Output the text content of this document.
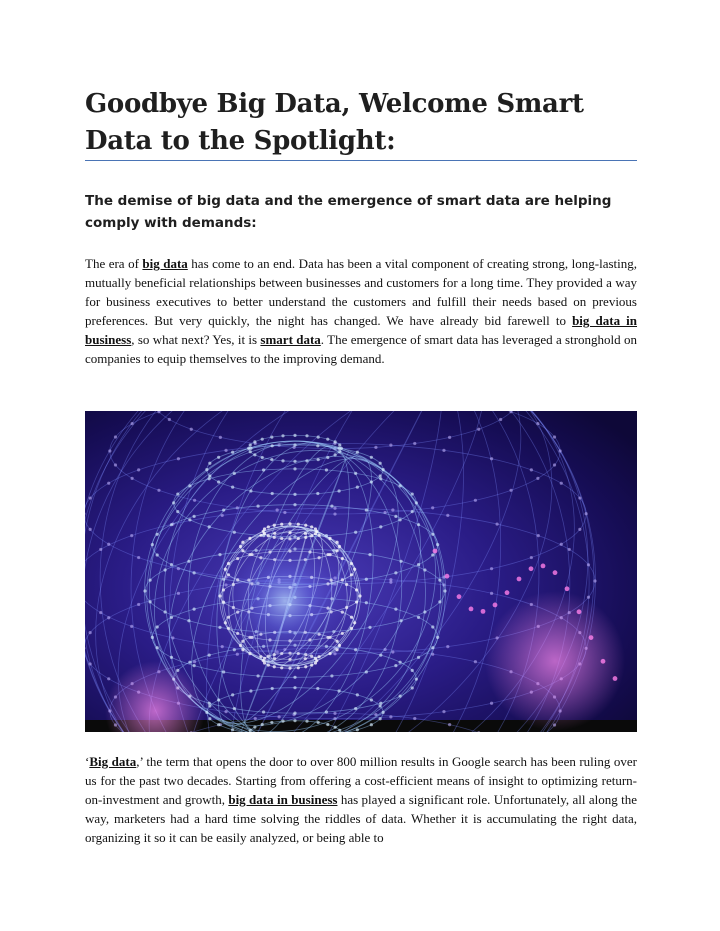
Goodbye Big Data, Welcome Smart Data to the Spotlight:
The demise of big data and the emergence of smart data are helping comply with demands:

The era of big data has come to an end. Data has been a vital component of creating strong, long-lasting, mutually beneficial relationships between businesses and customers for a long time. They provided a way for business executives to better understand the customers and fulfill their needs based on previous preferences. But very quickly, the night has changed. We have already bid farewell to big data in business, so what next? Yes, it is smart data. The emergence of smart data has leveraged a stronghold on companies to equip themselves to the improving demand.

‘Big data,’ the term that opens the door to over 800 million results in Google search has been ruling over us for the past two decades. Starting from offering a cost-efficient means of insight to optimizing return-on-investment and growth, big data in business has played a significant role. Unfortunately, all along the way, marketers had a hard time solving the riddles of data. Whether it is accumulating the right data, organizing it so it can be easily analyzed, or being able to
